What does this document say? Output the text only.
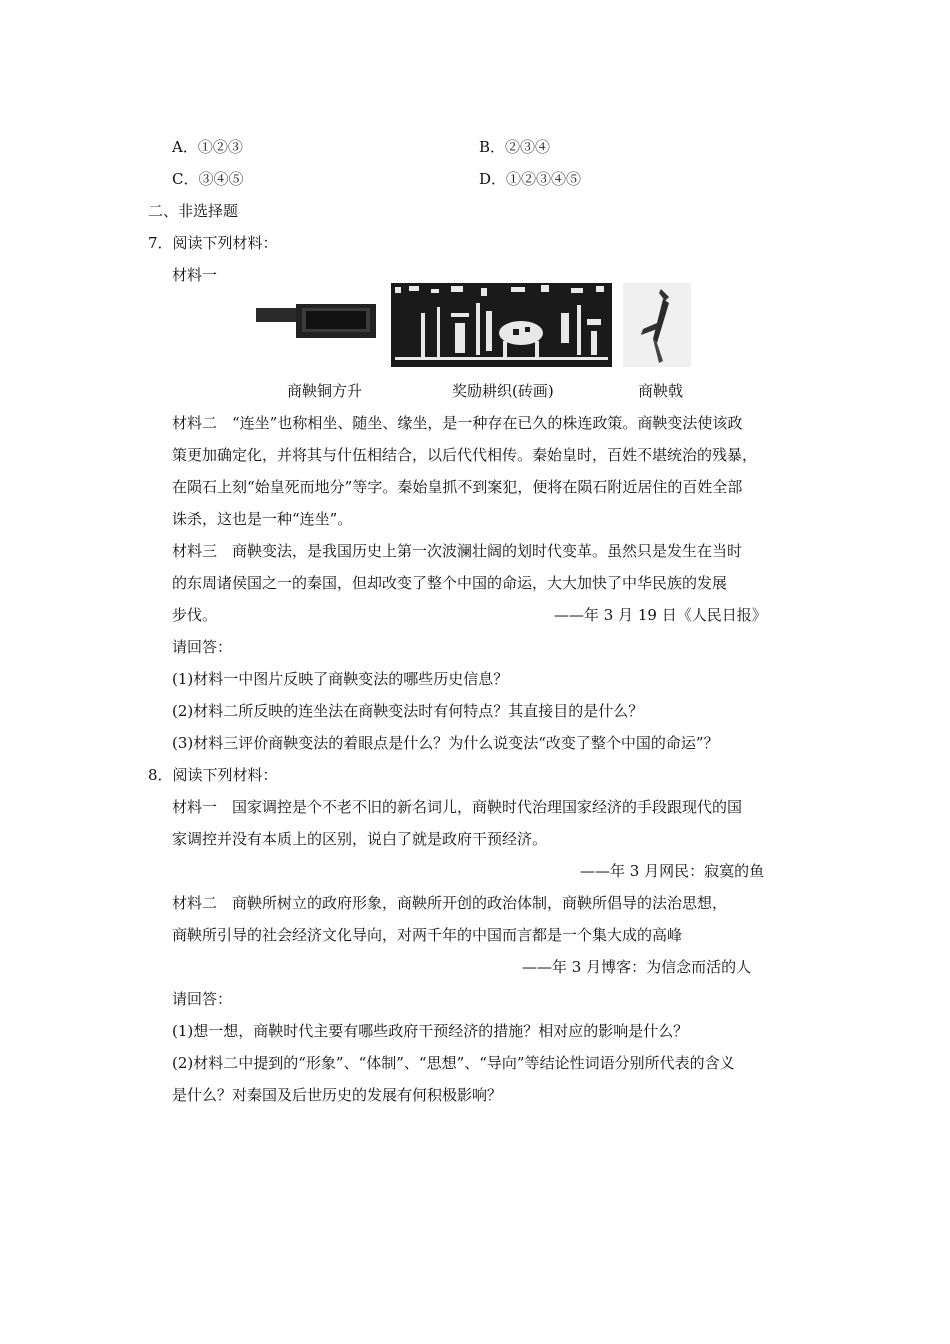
A．①②③	B．②③④
C．③④⑤	D．①②③④⑤
二、非选择题
7．阅读下列材料：
材料一
商鞅铜方升	奖励耕织(砖画)	商鞅戟
材料二　“连坐”也称相坐、随坐、缘坐，是一种存在已久的株连政策。商鞅变法使该政
策更加确定化，并将其与什伍相结合，以后代代相传。秦始皇时，百姓不堪统治的残暴，
在陨石上刻“始皇死而地分”等字。秦始皇抓不到案犯，便将在陨石附近居住的百姓全部
诛杀，这也是一种“连坐”。
材料三　商鞅变法，是我国历史上第一次波澜壮阔的划时代变革。虽然只是发生在当时
的东周诸侯国之一的秦国，但却改变了整个中国的命运，大大加快了中华民族的发展
步伐。	——年 3 月 19 日《人民日报》
请回答：
(1)材料一中图片反映了商鞅变法的哪些历史信息？
(2)材料二所反映的连坐法在商鞅变法时有何特点？其直接目的是什么？
(3)材料三评价商鞅变法的着眼点是什么？为什么说变法“改变了整个中国的命运”？
8．阅读下列材料：
材料一　国家调控是个不老不旧的新名词儿，商鞅时代治理国家经济的手段跟现代的国
家调控并没有本质上的区别，说白了就是政府干预经济。
——年 3 月网民：寂寞的鱼
材料二　商鞅所树立的政府形象，商鞅所开创的政治体制，商鞅所倡导的法治思想，
商鞅所引导的社会经济文化导向，对两千年的中国而言都是一个集大成的高峰
——年 3 月博客：为信念而活的人
请回答：
(1)想一想，商鞅时代主要有哪些政府干预经济的措施？相对应的影响是什么？
(2)材料二中提到的“形象”、“体制”、“思想”、“导向”等结论性词语分别所代表的含义
是什么？对秦国及后世历史的发展有何积极影响？
